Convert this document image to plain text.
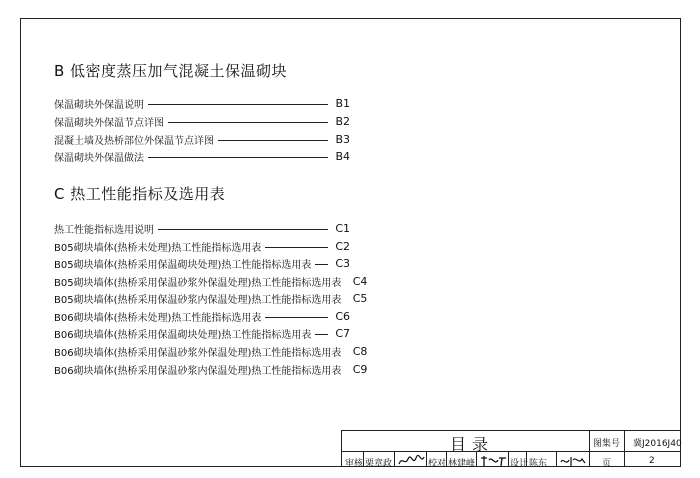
B 低密度蒸压加气混凝土保温砌块
保温砌块外保温说明	B1
保温砌块外保温节点详图	B2
混凝土墙及热桥部位外保温节点详图	B3
保温砌块外保温做法	B4
C 热工性能指标及选用表
热工性能指标选用说明	C1
B05砌块墙体(热桥未处理)热工性能指标选用表	C2
B05砌块墙体(热桥采用保温砌块处理)热工性能指标选用表 C3
B05砌块墙体(热桥采用保温砂浆外保温处理)热工性能指标选用表 C4
B05砌块墙体(热桥采用保温砂浆内保温处理)热工性能指标选用表 C5
B06砌块墙体(热桥未处理)热工性能指标选用表	C6
B06砌块墙体(热桥采用保温砌块处理)热工性能指标选用表 C7
B06砌块墙体(热桥采用保温砂浆外保温处理)热工性能指标选用表 C8
B06砌块墙体(热桥采用保温砂浆内保温处理)热工性能指标选用表 C9
目录	图集号 冀J2016J40
审核 栗章政	校对 林建峰	设计 陈东	页	2
